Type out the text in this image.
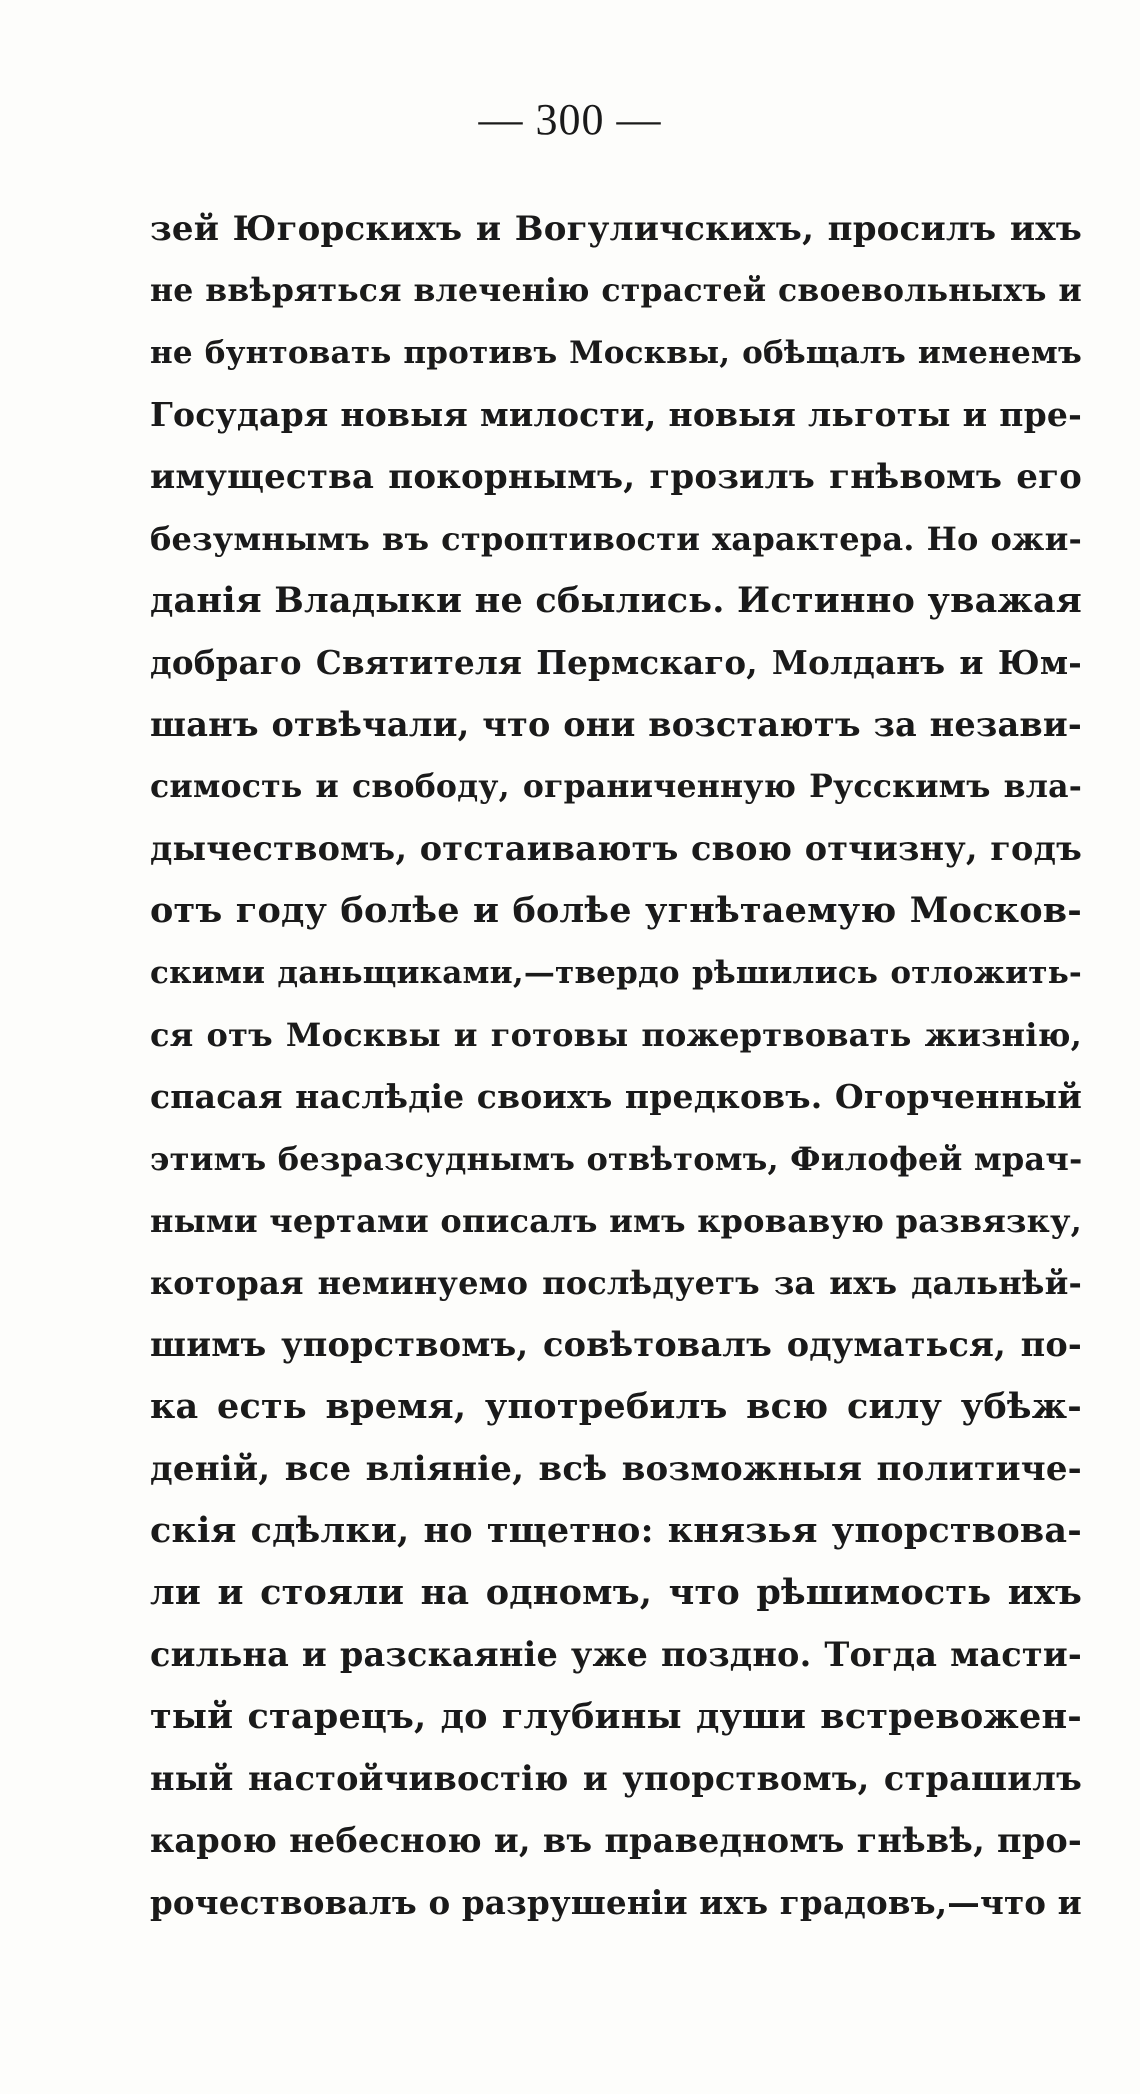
— 300 —
зей Югорскихъ и Вогуличскихъ, просилъ ихъ
не ввѣряться влеченію страстей своевольныхъ и
не бунтовать противъ Москвы, обѣщалъ именемъ
Государя новыя милости, новыя льготы и пре-
имущества покорнымъ, грозилъ гнѣвомъ его
безумнымъ въ строптивости характера. Но ожи-
данія Владыки не сбылись. Истинно уважая
добраго Святителя Пермскаго, Молданъ и Юм-
шанъ отвѣчали, что они возстаютъ за незави-
симость и свободу, ограниченную Русскимъ вла-
дычествомъ, отстаиваютъ свою отчизну, годъ
отъ году болѣе и болѣе угнѣтаемую Москов-
скими даньщиками,—твердо рѣшились отложить-
ся отъ Москвы и готовы пожертвовать жизнію,
спасая наслѣдіе своихъ предковъ. Огорченный
этимъ безразсуднымъ отвѣтомъ, Филофей мрач-
ными чертами описалъ имъ кровавую развязку,
которая неминуемо послѣдуетъ за ихъ дальнѣй-
шимъ упорствомъ, совѣтовалъ одуматься, по-
ка есть время, употребилъ всю силу убѣж-
деній, все вліяніе, всѣ возможныя политиче-
скія сдѣлки, но тщетно: князья упорствова-
ли и стояли на одномъ, что рѣшимость ихъ
сильна и разскаяніе уже поздно. Тогда масти-
тый старецъ, до глубины души встревожен-
ный настойчивостію и упорствомъ, страшилъ
карою небесною и, въ праведномъ гнѣвѣ, про-
рочествовалъ о разрушеніи ихъ градовъ,—что и
